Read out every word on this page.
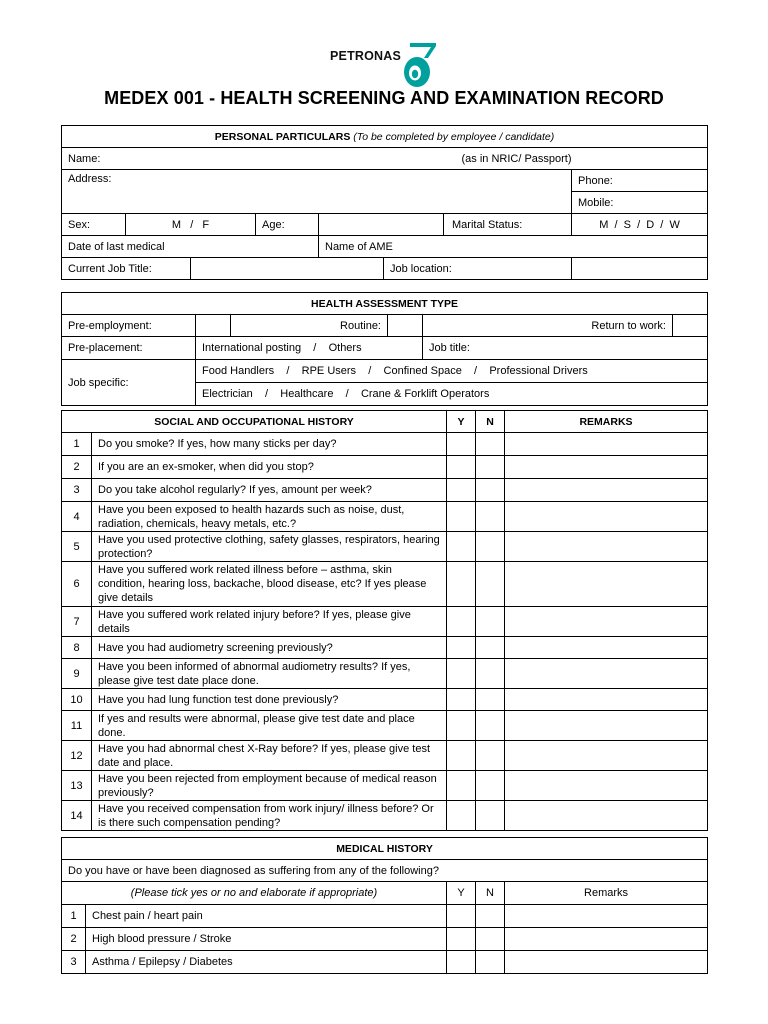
PETRONAS
MEDEX 001 - HEALTH SCREENING AND EXAMINATION RECORD
PERSONAL PARTICULARS (To be completed by employee / candidate)							
Name:						(as in NRIC/ Passport)	
Address:							Phone:
							Mobile:
Sex:	M   /   F		Age:			Marital Status:	M  /  S  /  D  /  W
Date of last medical				Name of AME			
Current Job Title:					Job location:		
HEALTH ASSESSMENT TYPE					
Pre-employment:		Routine:		Return to work:	
Pre-placement:	International posting    /    Others			Job title:	
Job specific:	Food Handlers    /    RPE Users    /    Confined Space    /    Professional Drivers				
	Electrician    /    Healthcare    /    Crane & Forklift Operators				
SOCIAL AND OCCUPATIONAL HISTORY		Y	N	REMARKS
1	Do you smoke? If yes, how many sticks per day?			
2	If you are an ex-smoker, when did you stop?			
3	Do you take alcohol regularly? If yes, amount per week?			
4	Have you been exposed to health hazards such as noise, dust, radiation, chemicals, heavy metals, etc.?			
5	Have you used protective clothing, safety glasses, respirators, hearing protection?			
6	Have you suffered work related illness before – asthma, skin condition, hearing loss, backache, blood disease, etc? If yes please give details			
7	Have you suffered work related injury before? If yes, please give details			
8	Have you had audiometry screening previously?			
9	Have you been informed of abnormal audiometry results? If yes, please give test date place done.			
10	Have you had lung function test done previously?			
11	If yes and results were abnormal, please give test date and place done.			
12	Have you had abnormal chest X-Ray before? If yes, please give test date and place.			
13	Have you been rejected from employment because of medical reason previously?			
14	Have you received compensation from work injury/ illness before? Or is there such compensation pending?			
MEDICAL HISTORY				
Do you have or have been diagnosed as suffering from any of the following?				
(Please tick yes or no and elaborate if appropriate)		Y	N	Remarks
1	Chest pain / heart pain			
2	High blood pressure / Stroke			
3	Asthma / Epilepsy / Diabetes			
